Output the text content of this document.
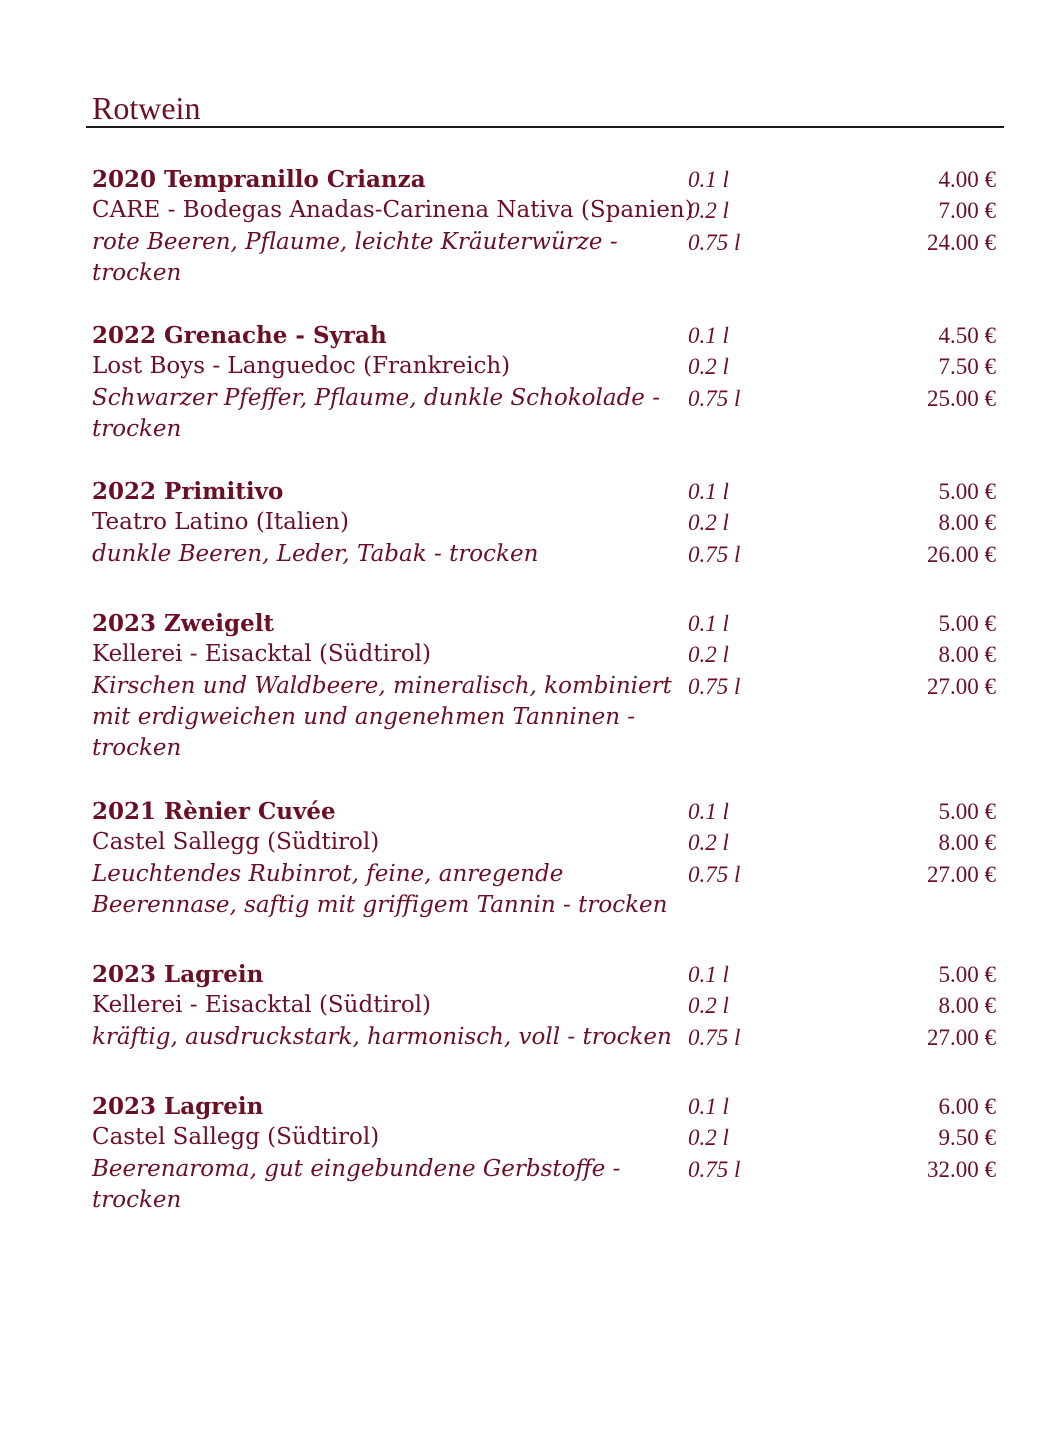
Rotwein
2020 Tempranillo Crianza
CARE - Bodegas Anadas-Carinena Nativa (Spanien)
rote Beeren, Pflaume, leichte Kräuterwürze - trocken
0.1 l
0.2 l
0.75 l
4.00 €
7.00 €
24.00 €
2022 Grenache - Syrah
Lost Boys - Languedoc (Frankreich)
Schwarzer Pfeffer, Pflaume, dunkle Schokolade - trocken
0.1 l
0.2 l
0.75 l
4.50 €
7.50 €
25.00 €
2022 Primitivo
Teatro Latino (Italien)
dunkle Beeren, Leder, Tabak - trocken
0.1 l
0.2 l
0.75 l
5.00 €
8.00 €
26.00 €
2023 Zweigelt
Kellerei - Eisacktal (Südtirol)
Kirschen und Waldbeere, mineralisch, kombiniert mit erdigweichen und angenehmen Tanninen - trocken
0.1 l
0.2 l
0.75 l
5.00 €
8.00 €
27.00 €
2021 Rènier Cuvée
Castel Sallegg (Südtirol)
Leuchtendes Rubinrot, feine, anregende Beerennase, saftig mit griffigem Tannin - trocken
0.1 l
0.2 l
0.75 l
5.00 €
8.00 €
27.00 €
2023 Lagrein
Kellerei - Eisacktal (Südtirol)
kräftig, ausdruckstark, harmonisch, voll - trocken
0.1 l
0.2 l
0.75 l
5.00 €
8.00 €
27.00 €
2023 Lagrein
Castel Sallegg (Südtirol)
Beerenaroma, gut eingebundene Gerbstoffe - trocken
0.1 l
0.2 l
0.75 l
6.00 €
9.50 €
32.00 €
